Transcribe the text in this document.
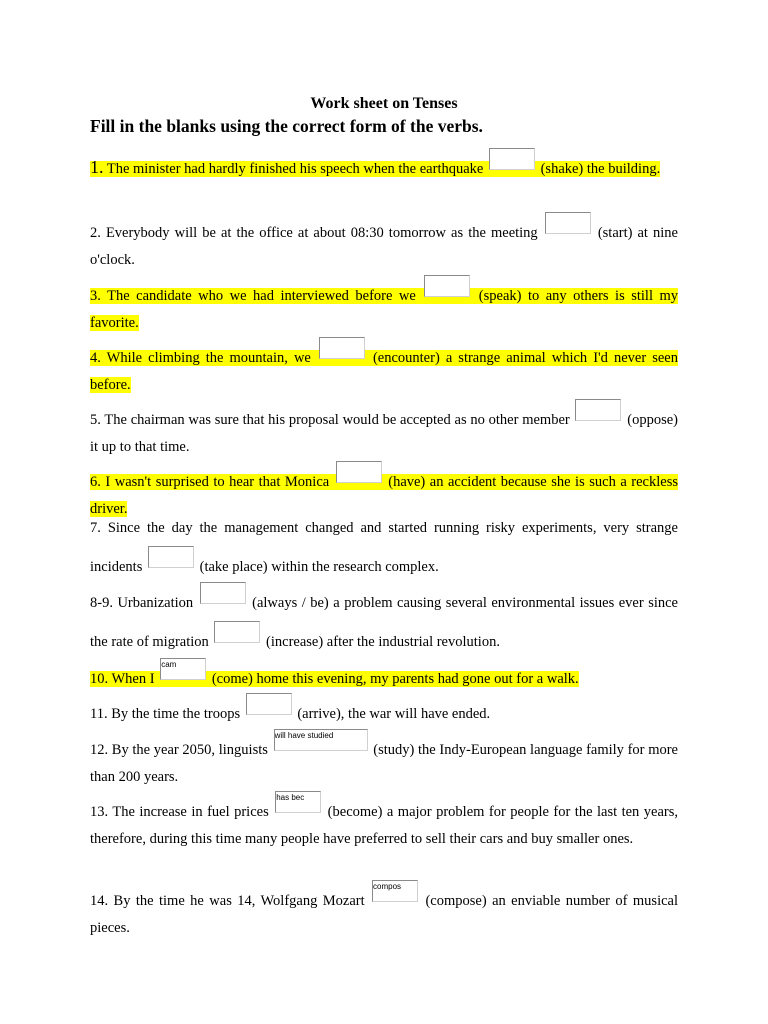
Work sheet on Tenses
Fill in the blanks using the correct form of the verbs.
1. The minister had hardly finished his speech when the earthquake	(shake) the building.
2. Everybody will be at the office at about 08:30 tomorrow as the meeting	(start) at nine o'clock.
3. The candidate who we had interviewed before we	(speak) to any others is still my favorite.
4. While climbing the mountain, we	(encounter) a strange animal which I'd never seen before.
5. The chairman was sure that his proposal would be accepted as no other member	(oppose) it up to that time.
6. I wasn't surprised to hear that Monica	(have) an accident because she is such a reckless driver.
7. Since the day the management changed and started running risky experiments, very strange incidents	(take place) within the research complex.
8-9. Urbanization	(always / be) a problem causing several environmental issues ever since the rate of migration	(increase) after the industrial revolution.
10. When I cam (come) home this evening, my parents had gone out for a walk.
11. By the time the troops	(arrive), the war will have ended.
12. By the year 2050, linguists will have studied (study) the Indy-European language family for more than 200 years.
13. The increase in fuel prices has bec (become) a major problem for people for the last ten years, therefore, during this time many people have preferred to sell their cars and buy smaller ones.
14. By the time he was 14, Wolfgang Mozart compos (compose) an enviable number of musical pieces.
